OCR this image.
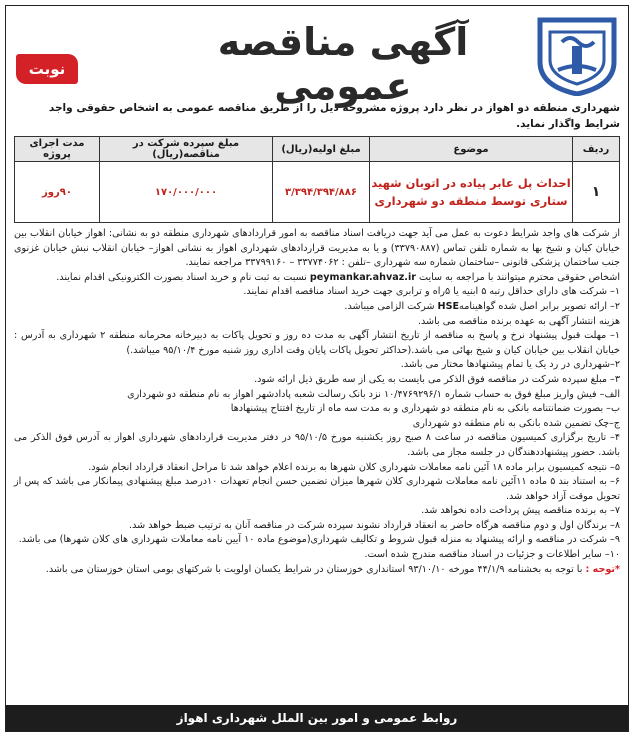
آگهی مناقصه عمومی
نوبت اول
شهرداری منطقه دو اهواز در نظر دارد پروژه مشروحه ذیل را از طریق مناقصه عمومی به اشخاص حقوقی واجد شرایط واگذار نماید.
ردیف	موضوع	مبلغ اولیه(ریال)	مبلغ سپرده شرکت در مناقصه(ریال)	مدت اجرای پروژه
۱	احداث پل عابر پیاده در اتوبان شهید ستاری توسط منطقه دو شهرداری	۳/۳۹۴/۳۹۴/۸۸۶	۱۷۰/۰۰۰/۰۰۰	۹۰روز

از شرکت های واجد شرایط دعوت به عمل می آید جهت دریافت اسناد مناقصه به امور قراردادهای شهرداری منطقه دو به نشانی: اهواز خیابان انقلاب بین خیابان کیان و شیخ بها به شماره تلفن تماس (۳۳۷۹۰۸۸۷) و یا به مدیریت قراردادهای شهرداری اهواز به نشانی اهواز– خیابان انقلاب نبش خیابان غزنوی جنب ساختمان پزشکی قانونی –ساختمان شماره سه شهرداری –تلفن : ۳۳۷۷۴۰۶۲ – ۳۳۷۹۹۱۶۰ مراجعه نمایند.

اشخاص حقوقی محترم میتوانند با مراجعه به سایت peymankar.ahvaz.ir نسبت به ثبت نام و خرید اسناد بصورت الکترونیکی اقدام نمایند.

۱– شرکت های دارای حداقل رتبه ۵ ابنیه یا ۵راه و ترابری جهت خرید اسناد مناقصه اقدام نمایند.

۲– ارائه تصویر برابر اصل شده گواهینامهHSE شرکت الزامی میباشد.

هزینه انتشار آگهی به عهده برنده مناقصه می باشد.

۱– مهلت قبول پیشنهاد نرخ و پاسخ به مناقصه از تاریخ انتشار آگهی به مدت ده روز و تحویل پاکات به دبیرخانه محرمانه منطقه ۲ شهرداری به آدرس : خیابان انقلاب بین خیابان کیان و شیخ بهائی می باشد.(حداکثر تحویل پاکات پایان وقت اداری روز شنبه مورخ ۹۵/۱۰/۴ میباشد.)

۲–شهرداری در رد یک یا تمام پیشنهادها مختار می باشد.

۳– مبلغ سپرده شرکت در مناقصه فوق الذکر می بایست به یکی از سه طریق ذیل ارائه شود.

الف– فیش واریز مبلغ فوق به حساب شماره ۱۰/۴۷۶۹۲۹۶/۱ نزد بانک رسالت شعبه پادادشهر اهواز به نام منطقه دو شهرداری

ب– بصورت ضمانتنامه بانکی به نام منطقه دو شهرداری و به مدت سه ماه از تاریخ افتتاح پیشنهادها

ج–چک تضمین شده بانکی به نام منطقه دو شهرداری

۴– تاریخ برگزاری کمیسیون مناقصه در ساعت ۸ صبح روز یکشنبه مورخ ۹۵/۱۰/۵ در دفتر مدیریت قراردادهای شهرداری اهواز به آدرس فوق الذکر می باشد. حضور پیشنهاددهندگان در جلسه مجاز می باشد.

۵– نتیجه کمیسیون برابر ماده ۱۸ آئین نامه معاملات شهرداری کلان شهرها به برنده اعلام خواهد شد تا مراحل انعقاد قرارداد انجام شود.

۶– به استناد بند ۵ ماده ۱۱آئین نامه معاملات شهرداری کلان شهرها میزان تضمین حسن انجام تعهدات ۱۰درصد مبلغ پیشنهادی پیمانکار می باشد که پس از تحویل موقت آزاد خواهد شد.

۷– به برنده مناقصه پیش پرداخت داده نخواهد شد.

۸– برندگان اول و دوم مناقصه هرگاه حاضر به انعقاد قرارداد نشوند سپرده شرکت در مناقصه آنان به ترتیب ضبط خواهد شد.

۹– شرکت در مناقصه و ارائه پیشنهاد به منزله قبول شروط و تکالیف شهرداری(موضوع ماده ۱۰ آیین نامه معاملات شهرداری های کلان شهرها) می باشد.

۱۰– سایر اطلاعات و جزئیات در اسناد مناقصه مندرج شده است.

*توجه : با توجه به بخشنامه ۴۴/۱/۹ مورخه ۹۳/۱۰/۱۰ استانداری خوزستان در شرایط یکسان اولویت با شرکتهای بومی استان خوزستان می باشد.

روابط عمومی و امور بین الملل شهرداری اهواز
